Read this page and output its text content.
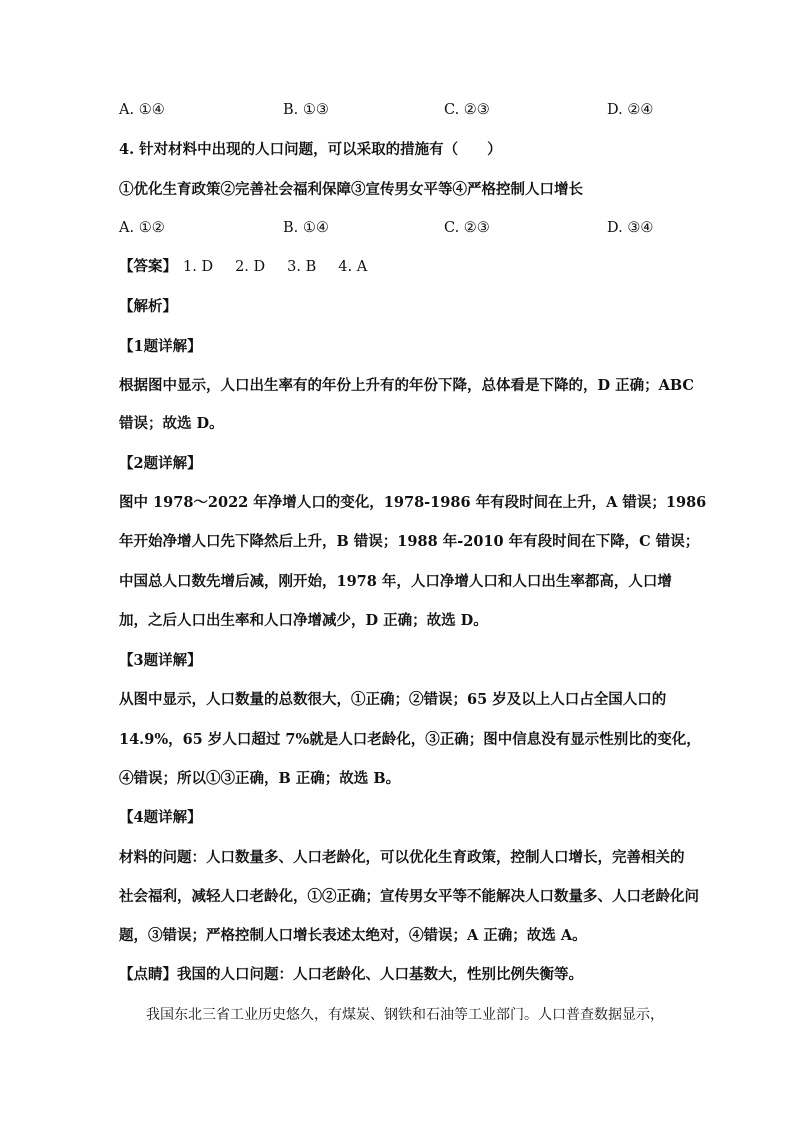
A. ①④	B. ①③	C. ②③	D. ②④
4. 针对材料中出现的人口问题，可以采取的措施有（　　）
①优化生育政策②完善社会福利保障③宣传男女平等④严格控制人口增长
A. ①②	B. ①④	C. ②③	D. ③④
【答案】 1. D 2. D 3. B 4. A
【解析】
【1题详解】
根据图中显示，人口出生率有的年份上升有的年份下降，总体看是下降的，D 正确；ABC
错误；故选 D。
【2题详解】
图中 1978～2022 年净增人口的变化，1978-1986 年有段时间在上升，A 错误；1986
年开始净增人口先下降然后上升，B 错误；1988 年-2010 年有段时间在下降，C 错误；
中国总人口数先增后减，刚开始，1978 年，人口净增人口和人口出生率都高，人口增
加，之后人口出生率和人口净增减少，D 正确；故选 D。
【3题详解】
从图中显示，人口数量的总数很大，①正确；②错误；65 岁及以上人口占全国人口的
14.9%，65 岁人口超过 7%就是人口老龄化，③正确；图中信息没有显示性别比的变化，
④错误；所以①③正确，B 正确；故选 B。
【4题详解】
材料的问题：人口数量多、人口老龄化，可以优化生育政策，控制人口增长，完善相关的
社会福利，减轻人口老龄化，①②正确；宣传男女平等不能解决人口数量多、人口老龄化问
题，③错误；严格控制人口增长表述太绝对，④错误；A 正确；故选 A。
【点睛】我国的人口问题：人口老龄化、人口基数大，性别比例失衡等。
我国东北三省工业历史悠久，有煤炭、钢铁和石油等工业部门。人口普查数据显示，
